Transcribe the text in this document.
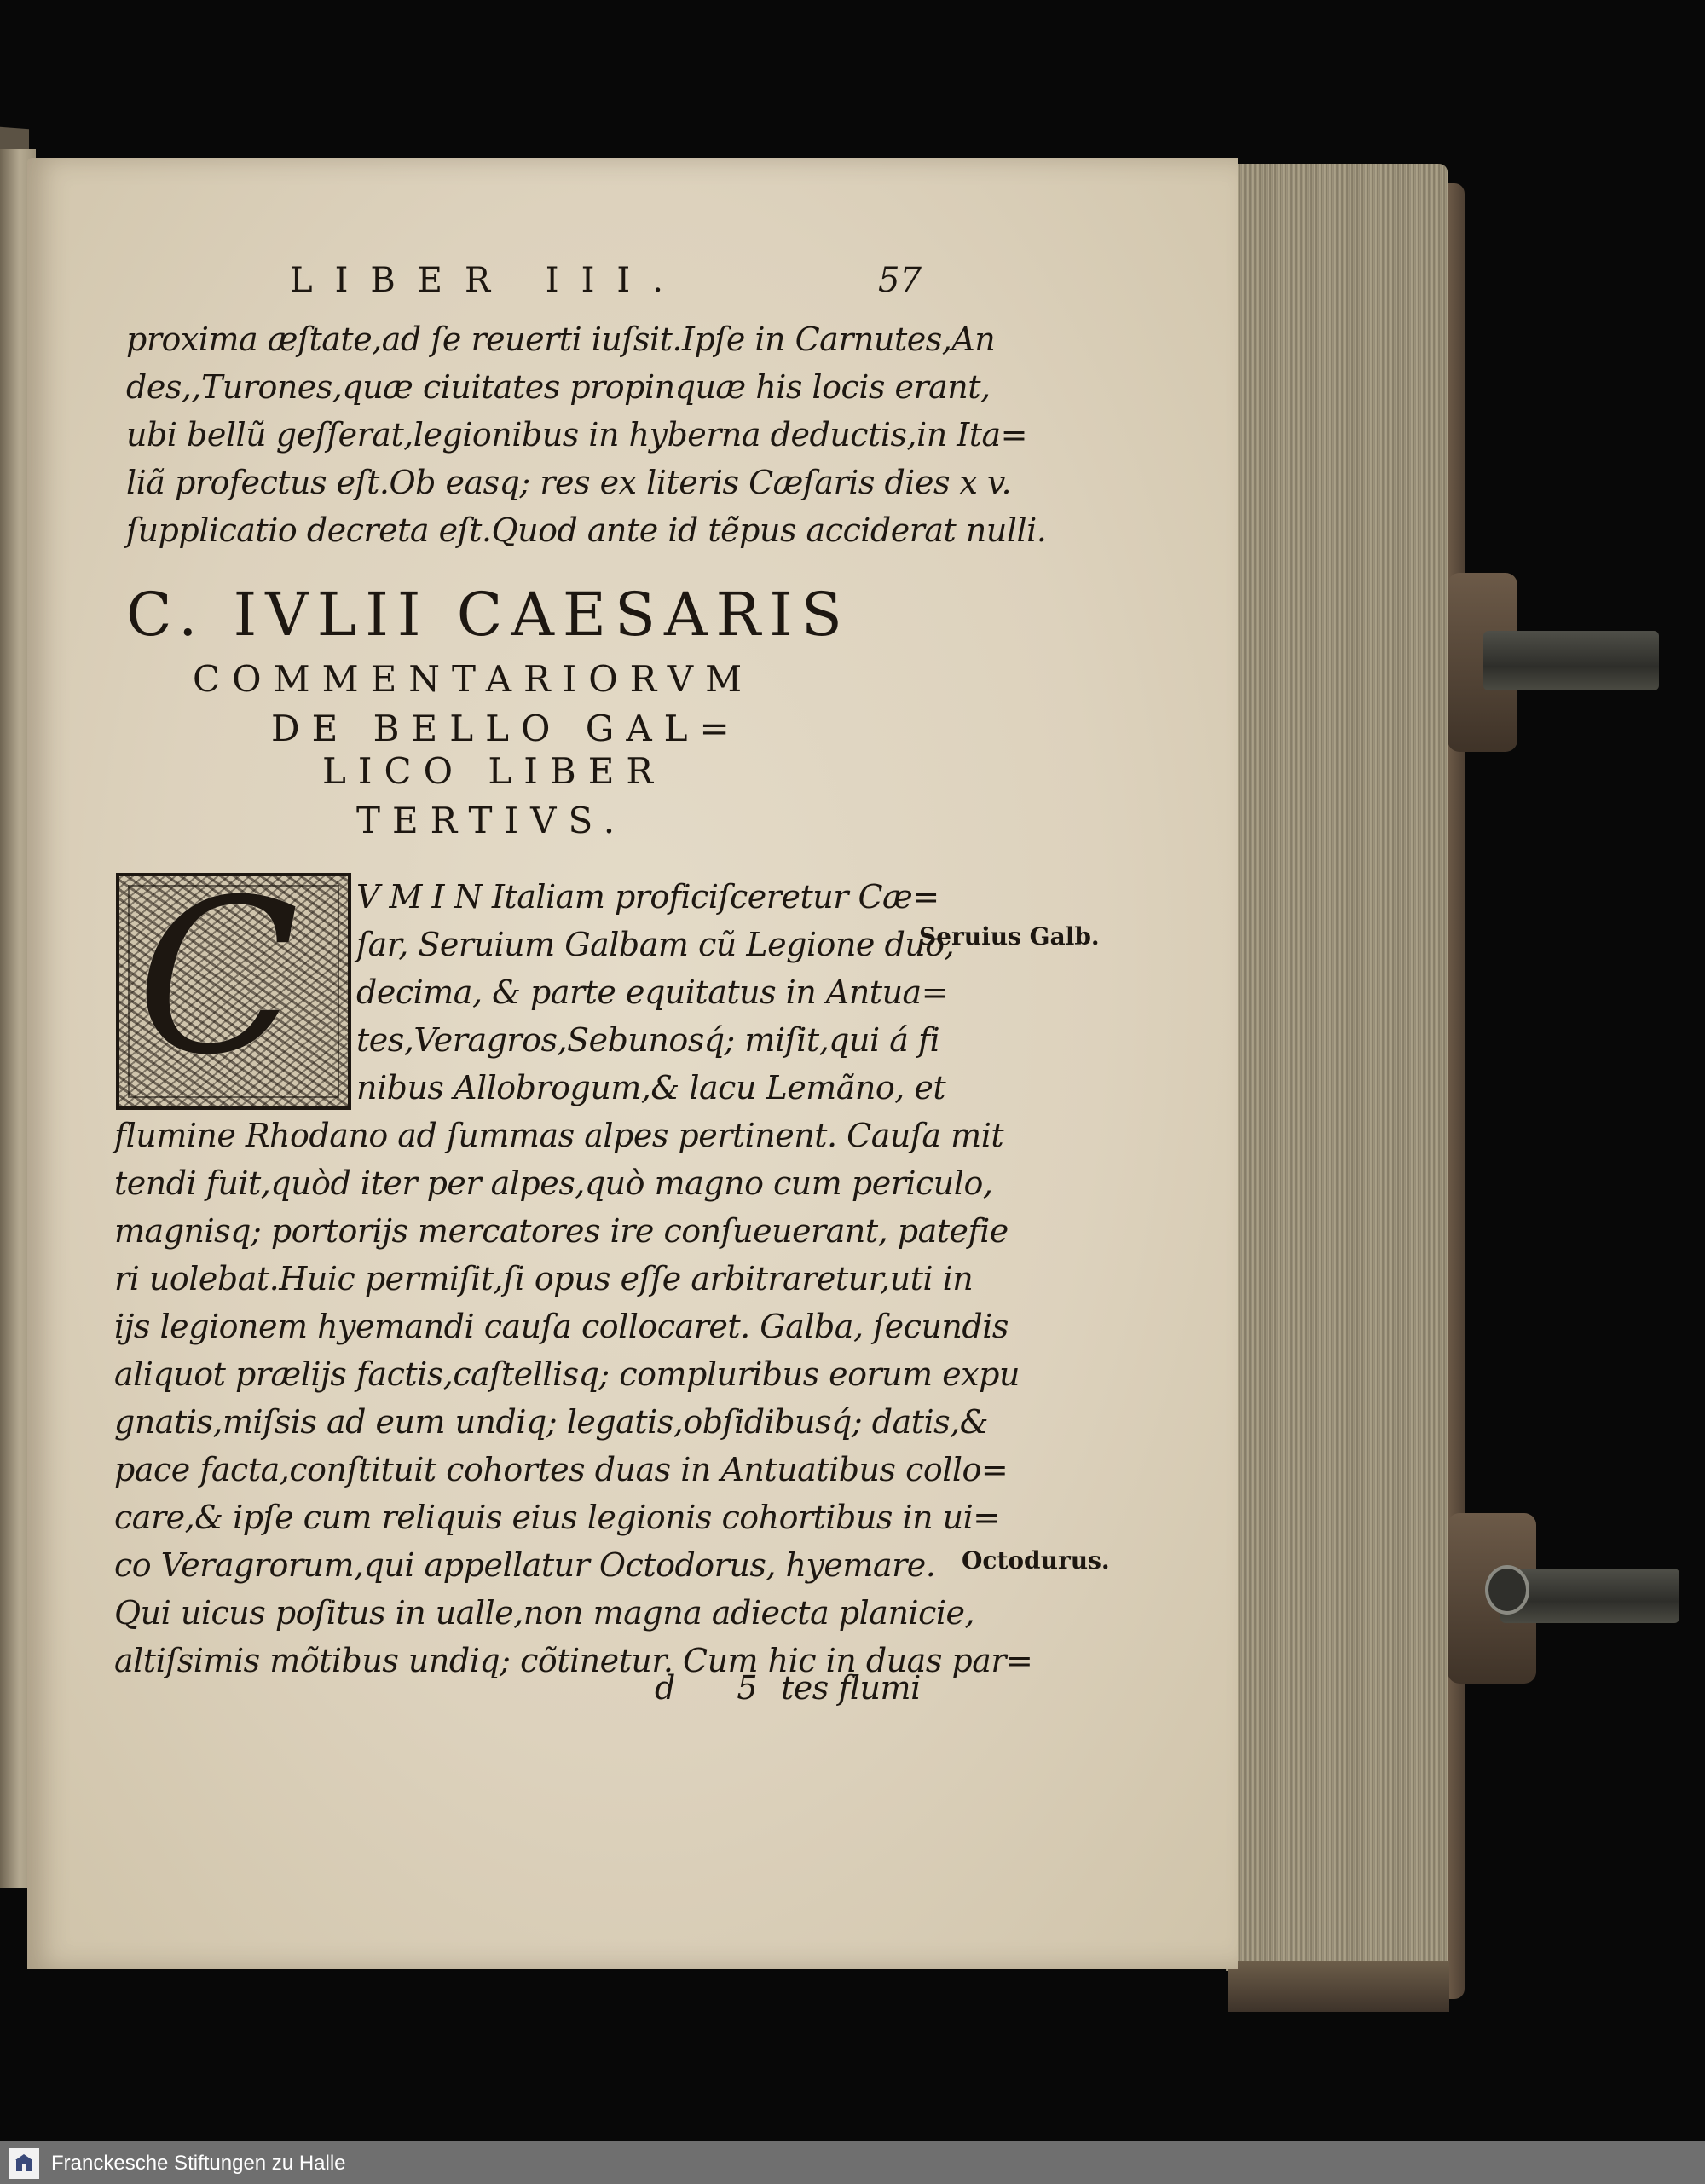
LIBER III.	57
proxima æſtate,ad ſe reuerti iuſsit.Ipſe in Carnutes,An
des,,Turones,quæ ciuitates propinquæ his locis erant,
ubi bellũ geſſerat,legionibus in hyberna deductis,in Ita=
liã profectus eſt.Ob easq; res ex literis Cæſaris dies x v.
ſupplicatio decreta eſt.Quod ante id tẽpus acciderat nulli.
C. IVLII CAESARIS
COMMENTARIORVM
DE BELLO GAL=
LICO LIBER
TERTIVS.
C V M I N Italiam proficiſceretur Cæ=
ſar, Seruium Galbam cũ Legione duo,
decima, & parte equitatus in Antua=
tes,Veragros,Sebunosq́; miſit,qui á fi
nibus Allobrogum,& lacu Lemãno, et
flumine Rhodano ad ſummas alpes pertinent. Cauſa mit
tendi fuit,quòd iter per alpes,quò magno cum periculo,
magnisq; portorijs mercatores ire conſueuerant, patefie
ri uolebat.Huic permiſit,ſi opus eſſe arbitraretur,uti in
ijs legionem hyemandi cauſa collocaret. Galba, ſecundis
aliquot prælijs factis,caſtellisq; compluribus eorum expu
gnatis,miſsis ad eum undiq; legatis,obſidibusq́; datis,&
pace facta,conſtituit cohortes duas in Antuatibus collo=
care,& ipſe cum reliquis eius legionis cohortibus in ui=
co Veragrorum,qui appellatur Octodorus, hyemare.
Qui uicus poſitus in ualle,non magna adiecta planicie,
altiſsimis mõtibus undiq; cõtinetur. Cum hic in duas par=
d 5
tes flumi
Seruius Galb.
Octodurus.
Franckesche Stiftungen zu Halle
